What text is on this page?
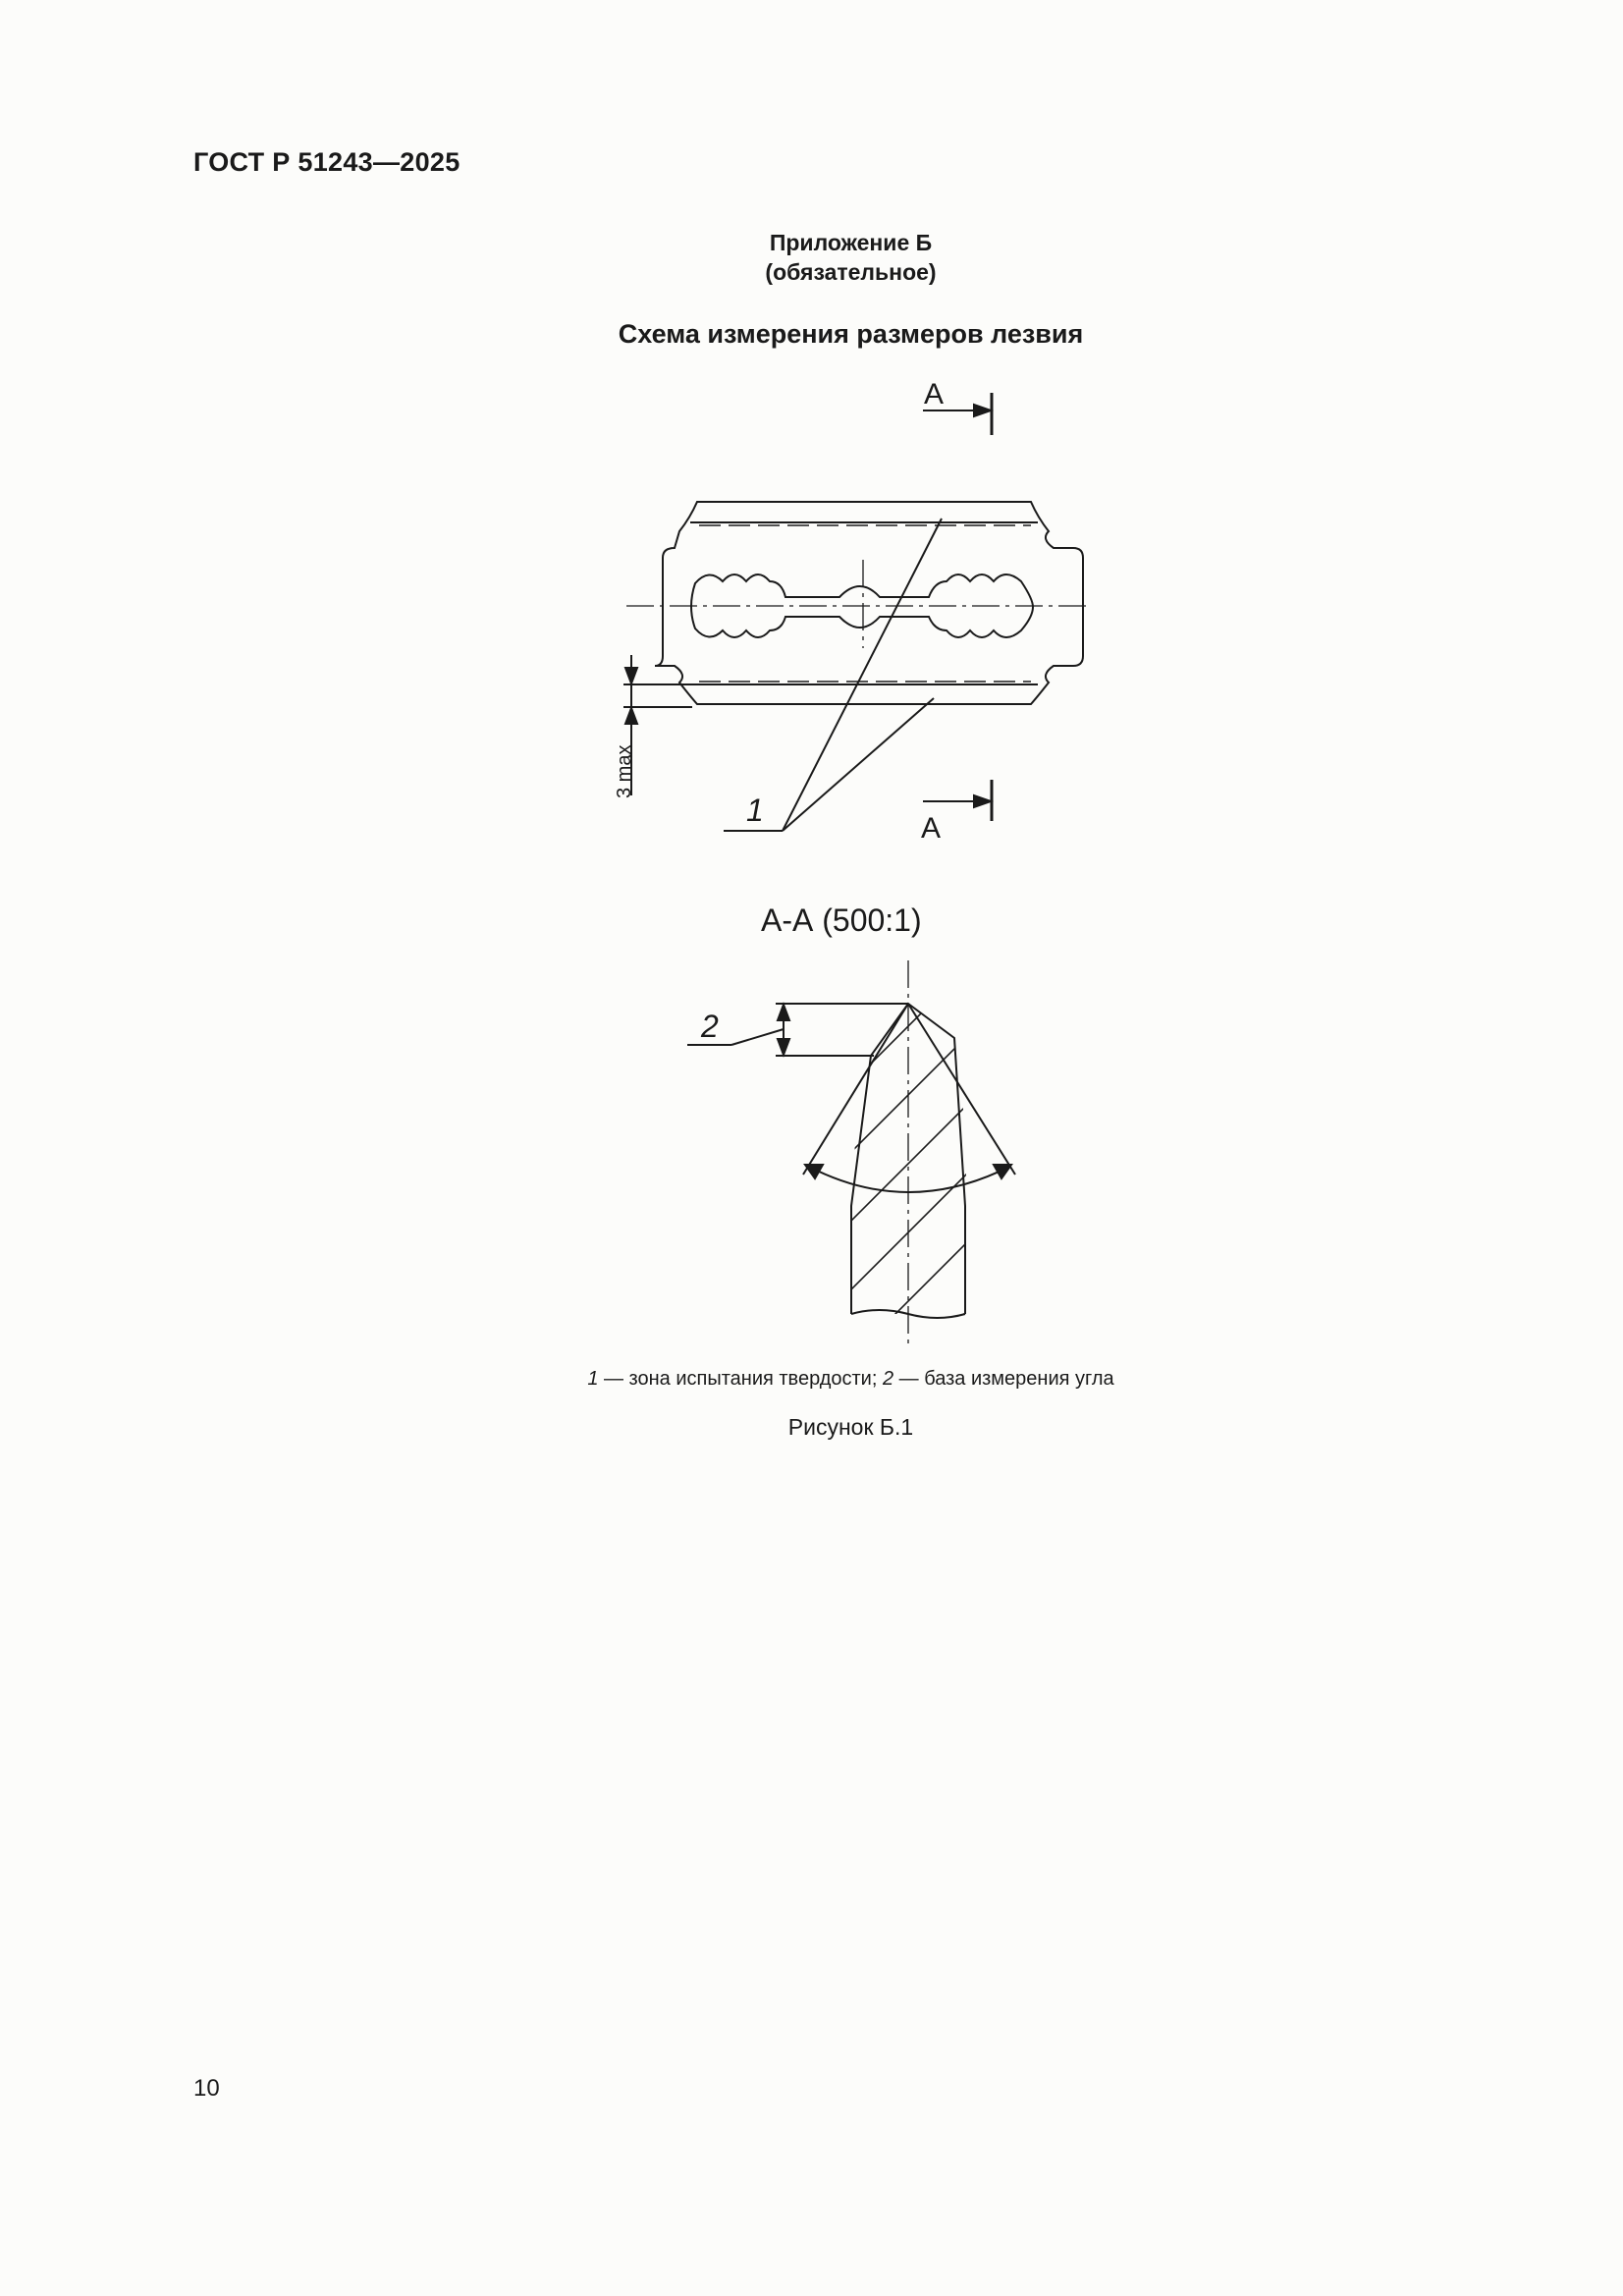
ГОСТ Р 51243—2025
Приложение Б
(обязательное)
Схема измерения размеров лезвия
А
А
3 max
1
А-А (500:1)
2
1 — зона испытания твердости; 2 — база измерения угла
Рисунок Б.1
10
